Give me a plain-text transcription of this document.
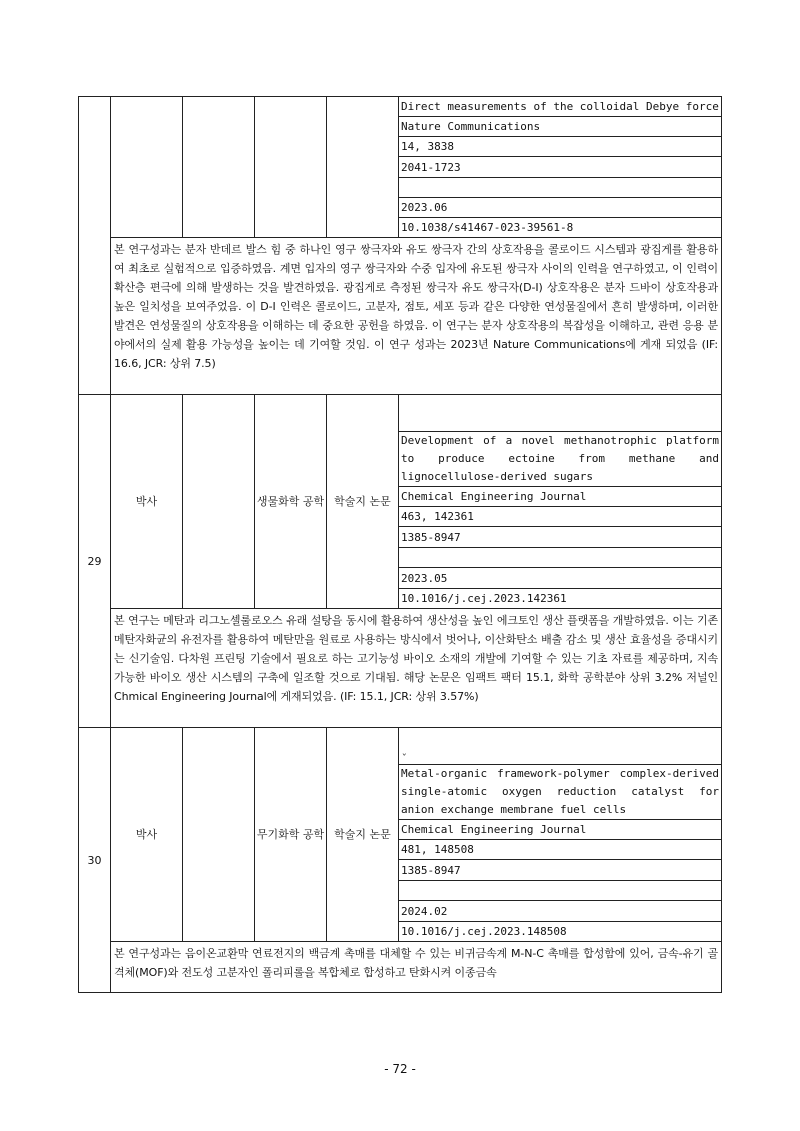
					Direct measurements of the colloidal Debye force
					Nature Communications
					14, 3838
					2041-1723

					2023.06
					10.1038/s41467-023-39561-8
	본 연구성과는 분자 반데르 발스 힘 중 하나인 영구 쌍극자와 유도 쌍극자 간의 상호작용을 콜로이드 시스템과 광집게를 활용하여 최초로 실험적으로 입증하였음. 계면 입자의 영구 쌍극자와 수중 입자에 유도된 쌍극자 사이의 인력을 연구하였고, 이 인력이 확산층 편극에 의해 발생하는 것을 발견하였음. 광집게로 측정된 쌍극자 유도 쌍극자(D-I) 상호작용은 분자 드바이 상호작용과 높은 일치성을 보여주었음. 이 D-I 인력은 콜로이드, 고분자, 점토, 세포 등과 같은 다양한 연성물질에서 흔히 발생하며, 이러한 발견은 연성물질의 상호작용을 이해하는 데 중요한 공헌을 하였음. 이 연구는 분자 상호작용의 복잡성을 이해하고, 관련 응용 분야에서의 실제 활용 가능성을 높이는 데 기여할 것임. 이 연구 성과는 2023년 Nature Communications에 게재 되었음 (IF: 16.6, JCR: 상위 7.5)				
29	박사		생물화학 공학	학술지 논문	
					Development of a novel methanotrophic platform to produce ectoine from methane and lignocellulose-derived sugars
					Chemical Engineering Journal
					463, 142361
					1385-8947

					2023.05
					10.1016/j.cej.2023.142361
	본 연구는 메탄과 리그노셀룰로오스 유래 설탕을 동시에 활용하여 생산성을 높인 에크토인 생산 플랫폼을 개발하였음. 이는 기존 메탄자화균의 유전자를 활용하여 메탄만을 원료로 사용하는 방식에서 벗어나, 이산화탄소 배출 감소 및 생산 효율성을 증대시키는 신기술임. 다차원 프린팅 기술에서 필요로 하는 고기능성 바이오 소재의 개발에 기여할 수 있는 기초 자료를 제공하며, 지속 가능한 바이오 생산 시스템의 구축에 일조할 것으로 기대됨. 해당 논문은 임팩트 팩터 15.1, 화학 공학분야 상위 3.2% 저널인 Chmical Engineering Journal에 게재되었음. (IF: 15.1, JCR: 상위 3.57%)				
30	박사		무기화학 공학	학술지 논문	ˇ
					Metal-organic framework-polymer complex-derived single-atomic oxygen reduction catalyst for anion exchange membrane fuel cells
					Chemical Engineering Journal
					481, 148508
					1385-8947

					2024.02
					10.1016/j.cej.2023.148508
	본 연구성과는 음이온교환막 연료전지의 백금계 촉매를 대체할 수 있는 비귀금속계 M-N-C 촉매를 합성함에 있어, 금속-유기 골격체(MOF)와 전도성 고분자인 폴리피롤을 복합체로 합성하고 탄화시켜 이종금속				
- 72 -
